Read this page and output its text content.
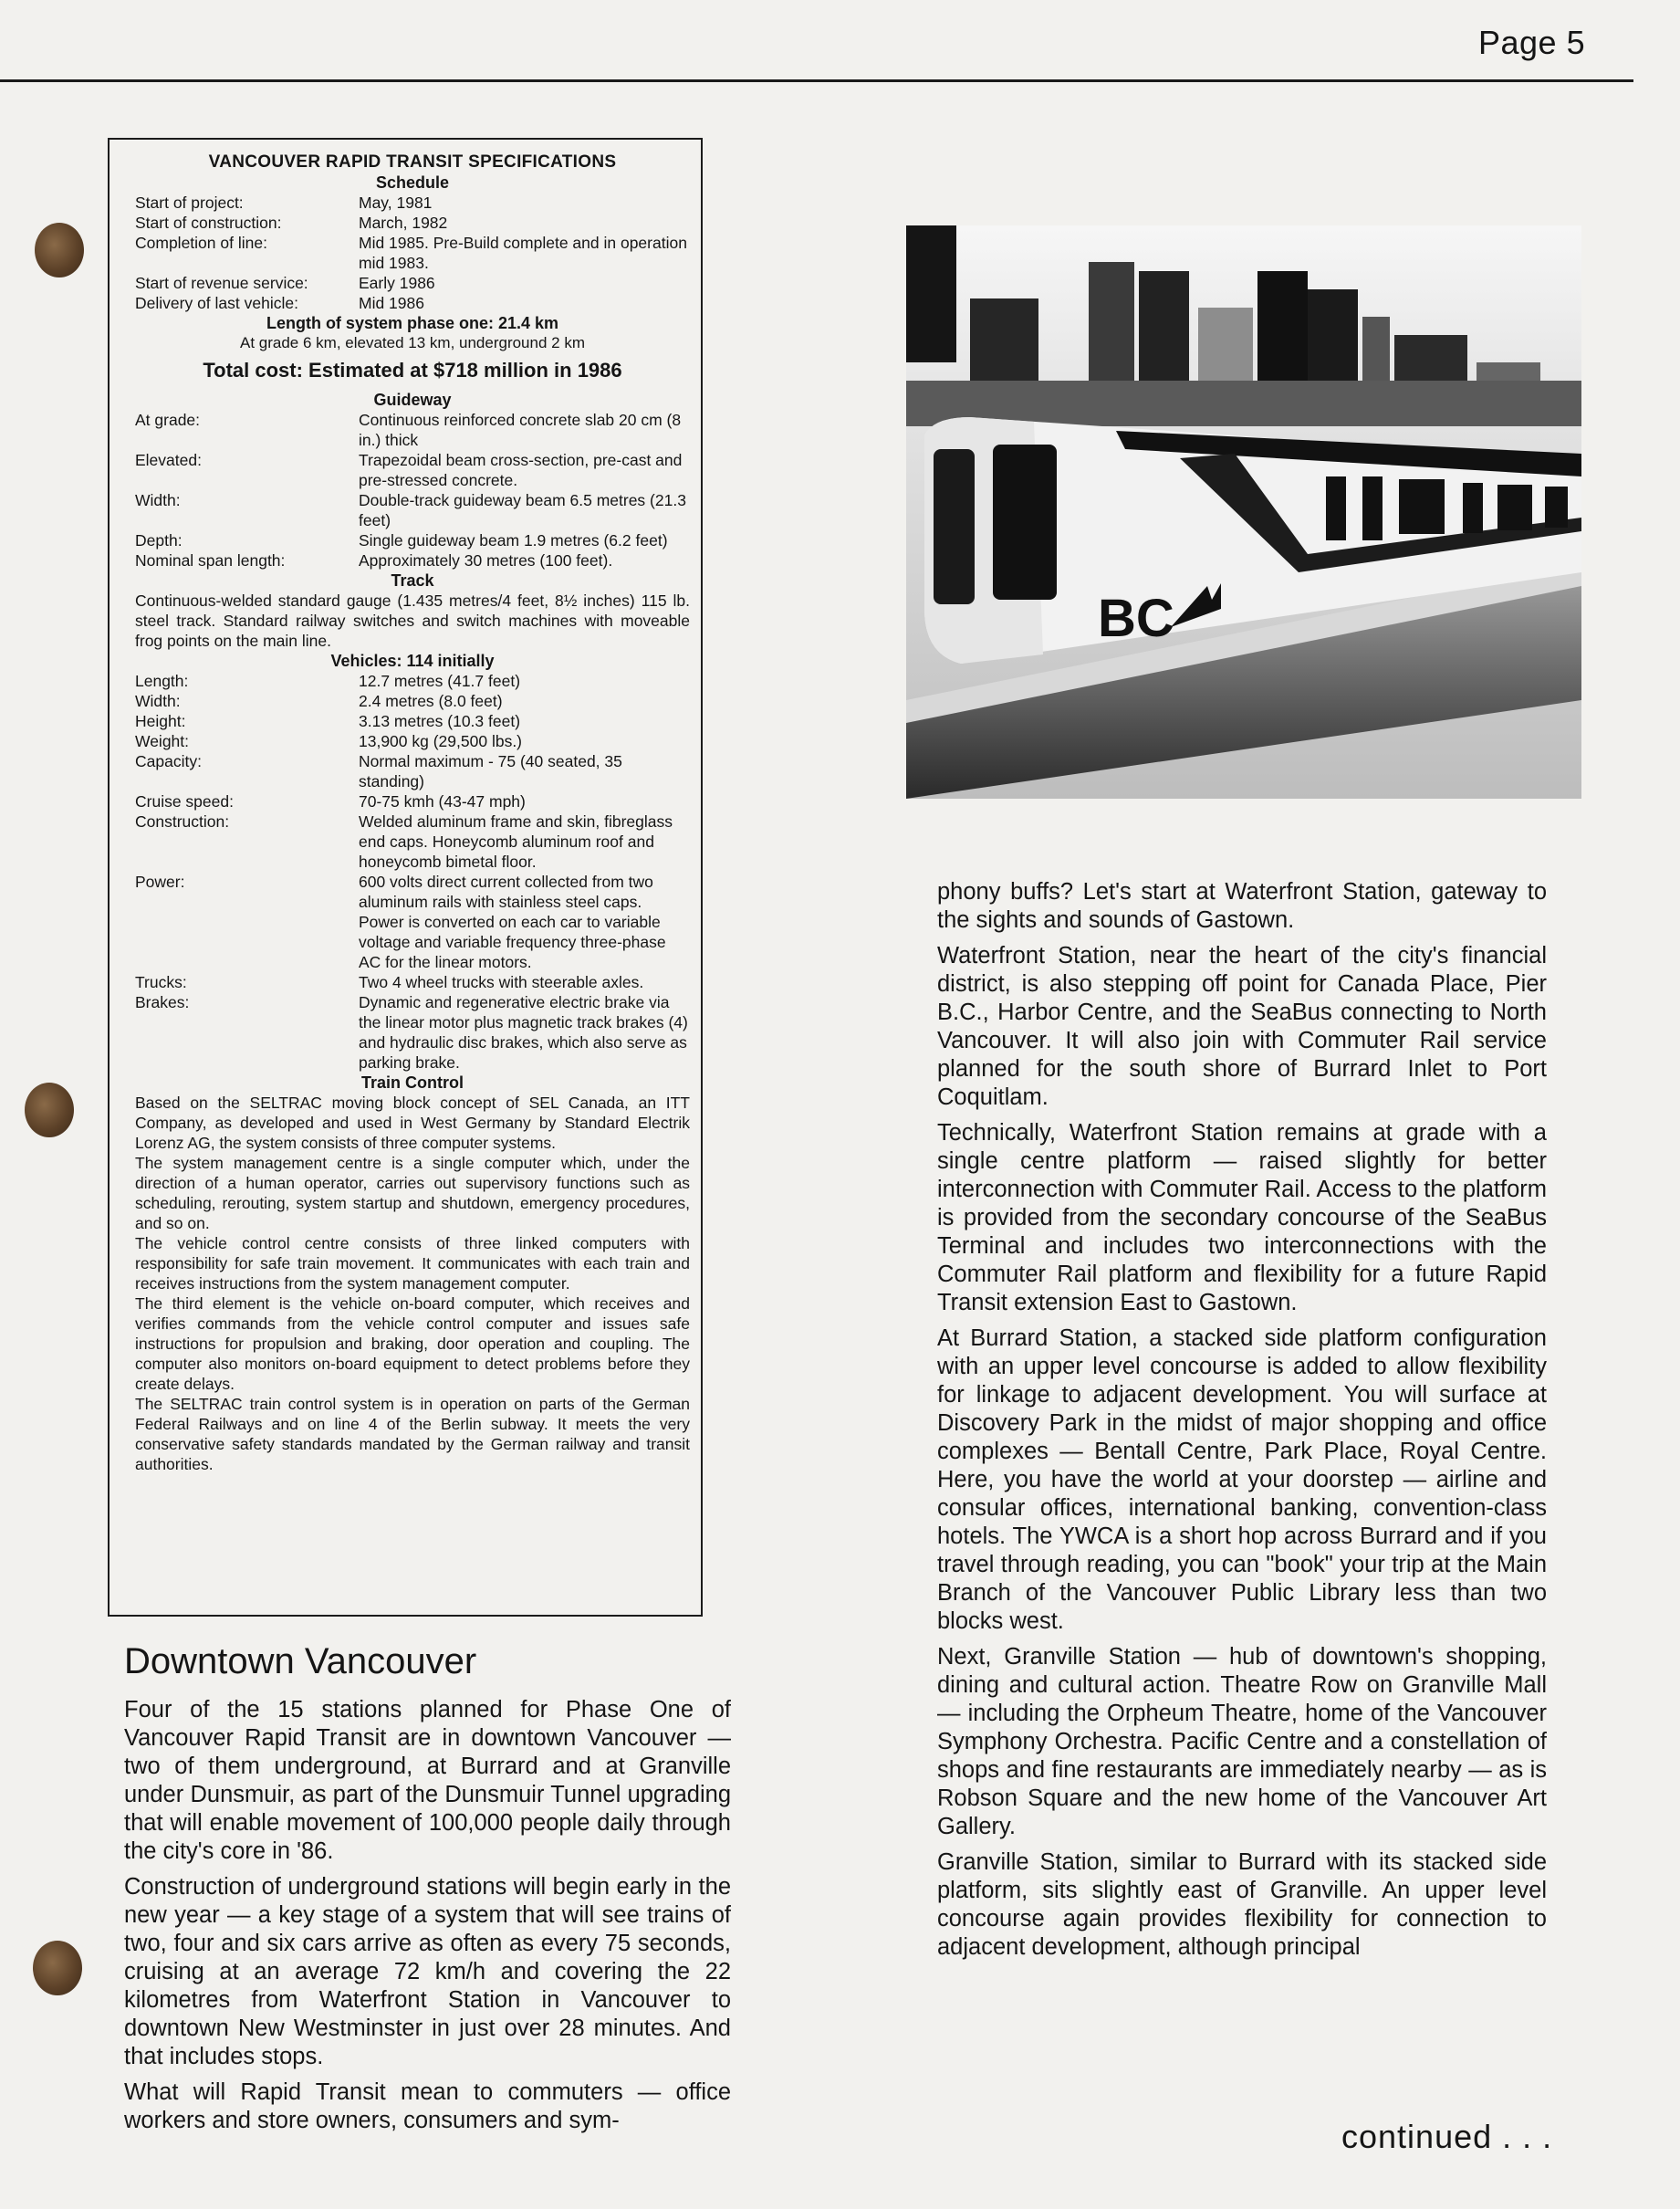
Page 5
VANCOUVER RAPID TRANSIT SPECIFICATIONS
Schedule
Start of project:	May, 1981
Start of construction:	March, 1982
Completion of line:	Mid 1985. Pre-Build complete and in operation mid 1983.
Start of revenue service:	Early 1986
Delivery of last vehicle:	Mid 1986
Length of system phase one: 21.4 km
At grade 6 km, elevated 13 km, underground 2 km
Total cost: Estimated at $718 million in 1986
Guideway
At grade:	Continuous reinforced concrete slab 20 cm (8 in.) thick
Elevated:	Trapezoidal beam cross-section, pre-cast and pre-stressed concrete.
Width:	Double-track guideway beam 6.5 metres (21.3 feet)
Depth:	Single guideway beam 1.9 metres (6.2 feet)
Nominal span length:	Approximately 30 metres (100 feet).
Track
Continuous-welded standard gauge (1.435 metres/4 feet, 8½ inches) 115 lb. steel track. Standard railway switches and switch machines with moveable frog points on the main line.
Vehicles: 114 initially
Length:	12.7 metres (41.7 feet)
Width:	2.4 metres (8.0 feet)
Height:	3.13 metres (10.3 feet)
Weight:	13,900 kg (29,500 lbs.)
Capacity:	Normal maximum - 75 (40 seated, 35 standing)
Cruise speed:	70-75 kmh (43-47 mph)
Construction:	Welded aluminum frame and skin, fibreglass end caps. Honeycomb aluminum roof and honeycomb bimetal floor.
Power:	600 volts direct current collected from two aluminum rails with stainless steel caps. Power is converted on each car to variable voltage and variable frequency three-phase AC for the linear motors.
Trucks:	Two 4 wheel trucks with steerable axles.
Brakes:	Dynamic and regenerative electric brake via the linear motor plus magnetic track brakes (4) and hydraulic disc brakes, which also serve as parking brake.
Train Control
Based on the SELTRAC moving block concept of SEL Canada, an ITT Company, as developed and used in West Germany by Standard Electrik Lorenz AG, the system consists of three computer systems.
The system management centre is a single computer which, under the direction of a human operator, carries out supervisory functions such as scheduling, rerouting, system startup and shutdown, emergency procedures, and so on.
The vehicle control centre consists of three linked computers with responsibility for safe train movement. It communicates with each train and receives instructions from the system management computer.
The third element is the vehicle on-board computer, which receives and verifies commands from the vehicle control computer and issues safe instructions for propulsion and braking, door operation and coupling. The computer also monitors on-board equipment to detect problems before they create delays.
The SELTRAC train control system is in operation on parts of the German Federal Railways and on line 4 of the Berlin subway. It meets the very conservative safety standards mandated by the German railway and transit authorities.
Downtown Vancouver

Four of the 15 stations planned for Phase One of Vancouver Rapid Transit are in downtown Vancouver — two of them underground, at Burrard and at Granville under Dunsmuir, as part of the Dunsmuir Tunnel upgrading that will enable movement of 100,000 people daily through the city's core in '86.

Construction of underground stations will begin early in the new year — a key stage of a system that will see trains of two, four and six cars arrive as often as every 75 seconds, cruising at an average 72 km/h and covering the 22 kilometres from Waterfront Station in Vancouver to downtown New Westminster in just over 28 minutes. And that includes stops.

What will Rapid Transit mean to commuters — office workers and store owners, consumers and sym-

BC

phony buffs? Let's start at Waterfront Station, gateway to the sights and sounds of Gastown.

Waterfront Station, near the heart of the city's financial district, is also stepping off point for Canada Place, Pier B.C., Harbor Centre, and the SeaBus connecting to North Vancouver. It will also join with Commuter Rail service planned for the south shore of Burrard Inlet to Port Coquitlam.

Technically, Waterfront Station remains at grade with a single centre platform — raised slightly for better interconnection with Commuter Rail. Access to the platform is provided from the secondary concourse of the SeaBus Terminal and includes two interconnections with the Commuter Rail platform and flexibility for a future Rapid Transit extension East to Gastown.

At Burrard Station, a stacked side platform configuration with an upper level concourse is added to allow flexibility for linkage to adjacent development. You will surface at Discovery Park in the midst of major shopping and office complexes — Bentall Centre, Park Place, Royal Centre. Here, you have the world at your doorstep — airline and consular offices, international banking, convention-class hotels. The YWCA is a short hop across Burrard and if you travel through reading, you can "book" your trip at the Main Branch of the Vancouver Public Library less than two blocks west.

Next, Granville Station — hub of downtown's shopping, dining and cultural action. Theatre Row on Granville Mall — including the Orpheum Theatre, home of the Vancouver Symphony Orchestra. Pacific Centre and a constellation of shops and fine restaurants are immediately nearby — as is Robson Square and the new home of the Vancouver Art Gallery.

Granville Station, similar to Burrard with its stacked side platform, sits slightly east of Granville. An upper level concourse again provides flexibility for connection to adjacent development, although principal

continued . . .
